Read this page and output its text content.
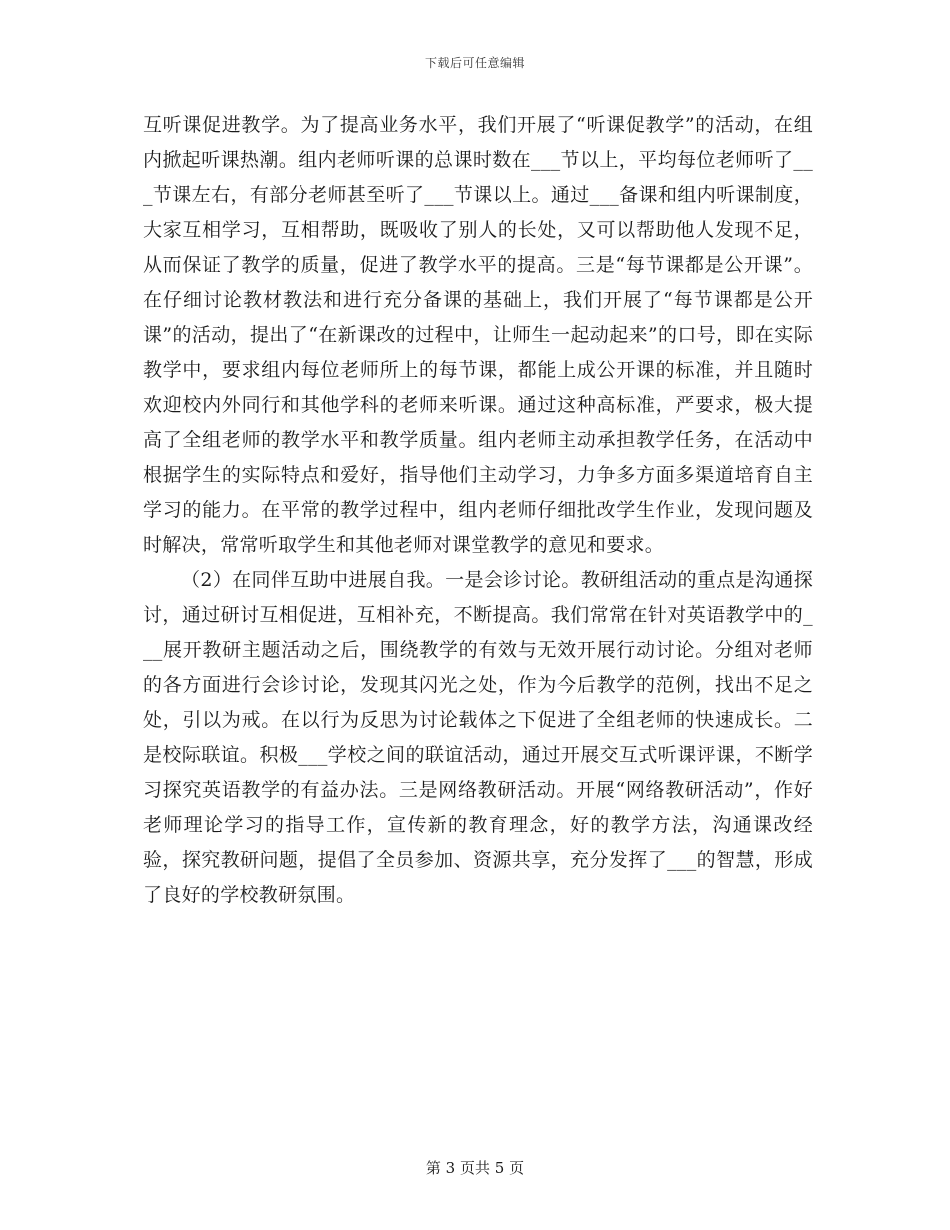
下载后可任意编辑

互听课促进教学。为了提高业务水平，我们开展了“听课促教学”的活动，在组内掀起听课热潮。组内老师听课的总课时数在___节以上，平均每位老师听了___节课左右，有部分老师甚至听了___节课以上。通过___备课和组内听课制度，大家互相学习，互相帮助，既吸收了别人的长处，又可以帮助他人发现不足，从而保证了教学的质量，促进了教学水平的提高。三是“每节课都是公开课”。在仔细讨论教材教法和进行充分备课的基础上，我们开展了“每节课都是公开课”的活动，提出了“在新课改的过程中，让师生一起动起来”的口号，即在实际教学中，要求组内每位老师所上的每节课，都能上成公开课的标准，并且随时欢迎校内外同行和其他学科的老师来听课。通过这种高标准，严要求，极大提高了全组老师的教学水平和教学质量。组内老师主动承担教学任务，在活动中根据学生的实际特点和爱好，指导他们主动学习，力争多方面多渠道培育自主学习的能力。在平常的教学过程中，组内老师仔细批改学生作业，发现问题及时解决，常常听取学生和其他老师对课堂教学的意见和要求。

（2）在同伴互助中进展自我。一是会诊讨论。教研组活动的重点是沟通探讨，通过研讨互相促进，互相补充，不断提高。我们常常在针对英语教学中的___展开教研主题活动之后，围绕教学的有效与无效开展行动讨论。分组对老师的各方面进行会诊讨论，发现其闪光之处，作为今后教学的范例，找出不足之处，引以为戒。在以行为反思为讨论载体之下促进了全组老师的快速成长。二是校际联谊。积极___学校之间的联谊活动，通过开展交互式听课评课，不断学习探究英语教学的有益办法。三是网络教研活动。开展“网络教研活动”，作好老师理论学习的指导工作，宣传新的教育理念，好的教学方法，沟通课改经验，探究教研问题，提倡了全员参加、资源共享，充分发挥了___的智慧，形成了良好的学校教研氛围。

第 3 页共 5 页
